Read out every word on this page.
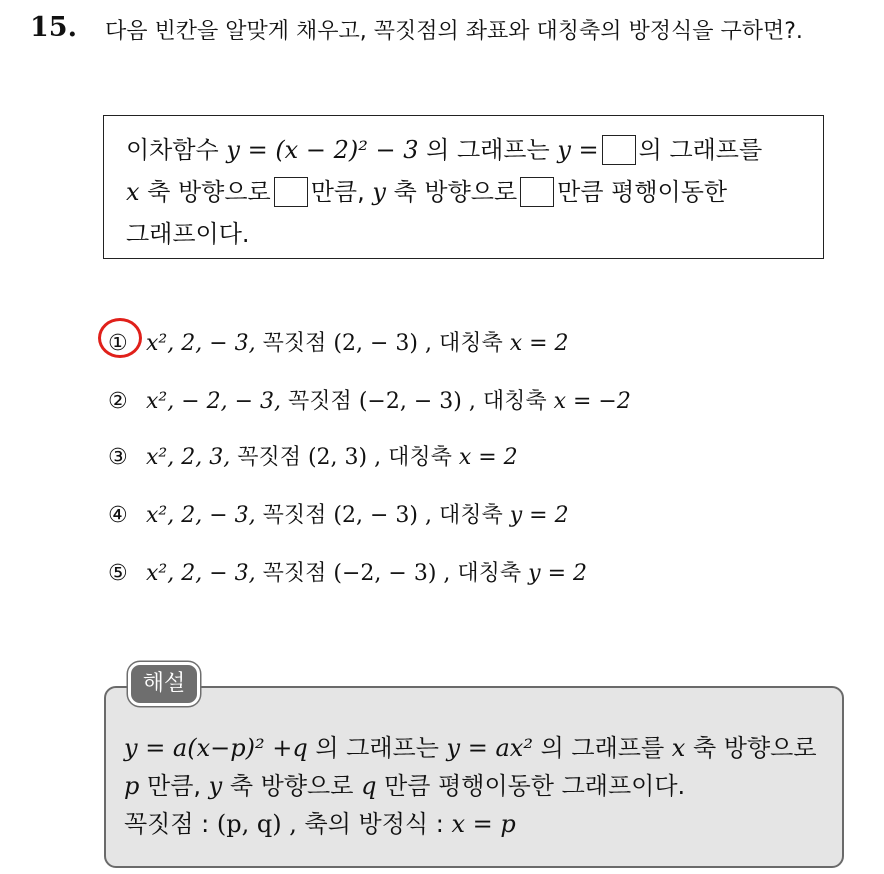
15. 다음 빈칸을 알맞게 채우고, 꼭짓점의 좌표와 대칭축의 방정식을 구하면?.
이차함수 y = (x − 2)² − 3 의 그래프는 y = 의 그래프를
x 축 방향으로 만큼, y 축 방향으로 만큼 평행이동한
그래프이다.
① x², 2, − 3, 꼭짓점 (2, − 3) , 대칭축 x = 2
② x², − 2, − 3, 꼭짓점 (−2, − 3) , 대칭축 x = −2
③ x², 2, 3, 꼭짓점 (2, 3) , 대칭축 x = 2
④ x², 2, − 3, 꼭짓점 (2, − 3) , 대칭축 y = 2
⑤ x², 2, − 3, 꼭짓점 (−2, − 3) , 대칭축 y = 2
해설
y = a(x−p)² +q 의 그래프는 y = ax² 의 그래프를 x 축 방향으로
p 만큼, y 축 방향으로 q 만큼 평행이동한 그래프이다.
꼭짓점 : (p, q) , 축의 방정식 : x = p
